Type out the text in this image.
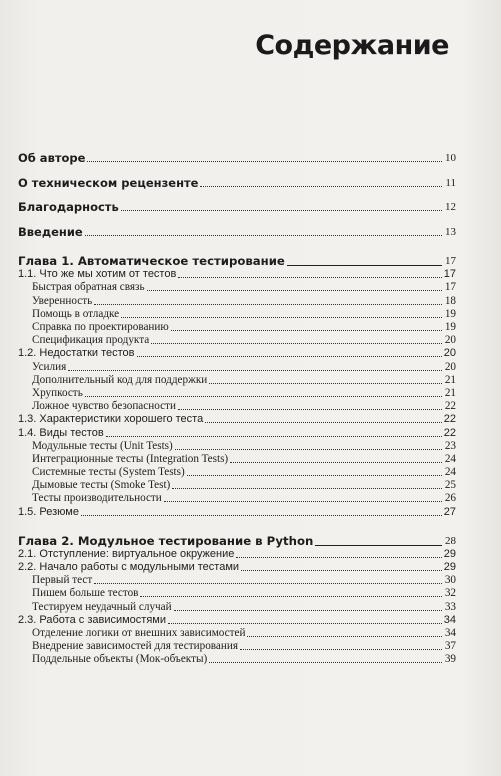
Содержание
Об авторе	10
О техническом рецензенте	11
Благодарность	12
Введение	13
Глава 1. Автоматическое тестирование	17
1.1. Что же мы хотим от тестов	17
Быстрая обратная связь	17
Уверенность	18
Помощь в отладке	19
Справка по проектированию	19
Спецификация продукта	20
1.2. Недостатки тестов	20
Усилия	20
Дополнительный код для поддержки	21
Хрупкость	21
Ложное чувство безопасности	22
1.3. Характеристики хорошего теста	22
1.4. Виды тестов	22
Модульные тесты (Unit Tests)	23
Интеграционные тесты (Integration Tests)	24
Системные тесты (System Tests)	24
Дымовые тесты (Smoke Test)	25
Тесты производительности	26
1.5. Резюме	27
Глава 2. Модульное тестирование в Python	28
2.1. Отступление: виртуальное окружение	29
2.2. Начало работы с модульными тестами	29
Первый тест	30
Пишем больше тестов	32
Тестируем неудачный случай	33
2.3. Работа с зависимостями	34
Отделение логики от внешних зависимостей	34
Внедрение зависимостей для тестирования	37
Поддельные объекты (Мок-объекты)	39
